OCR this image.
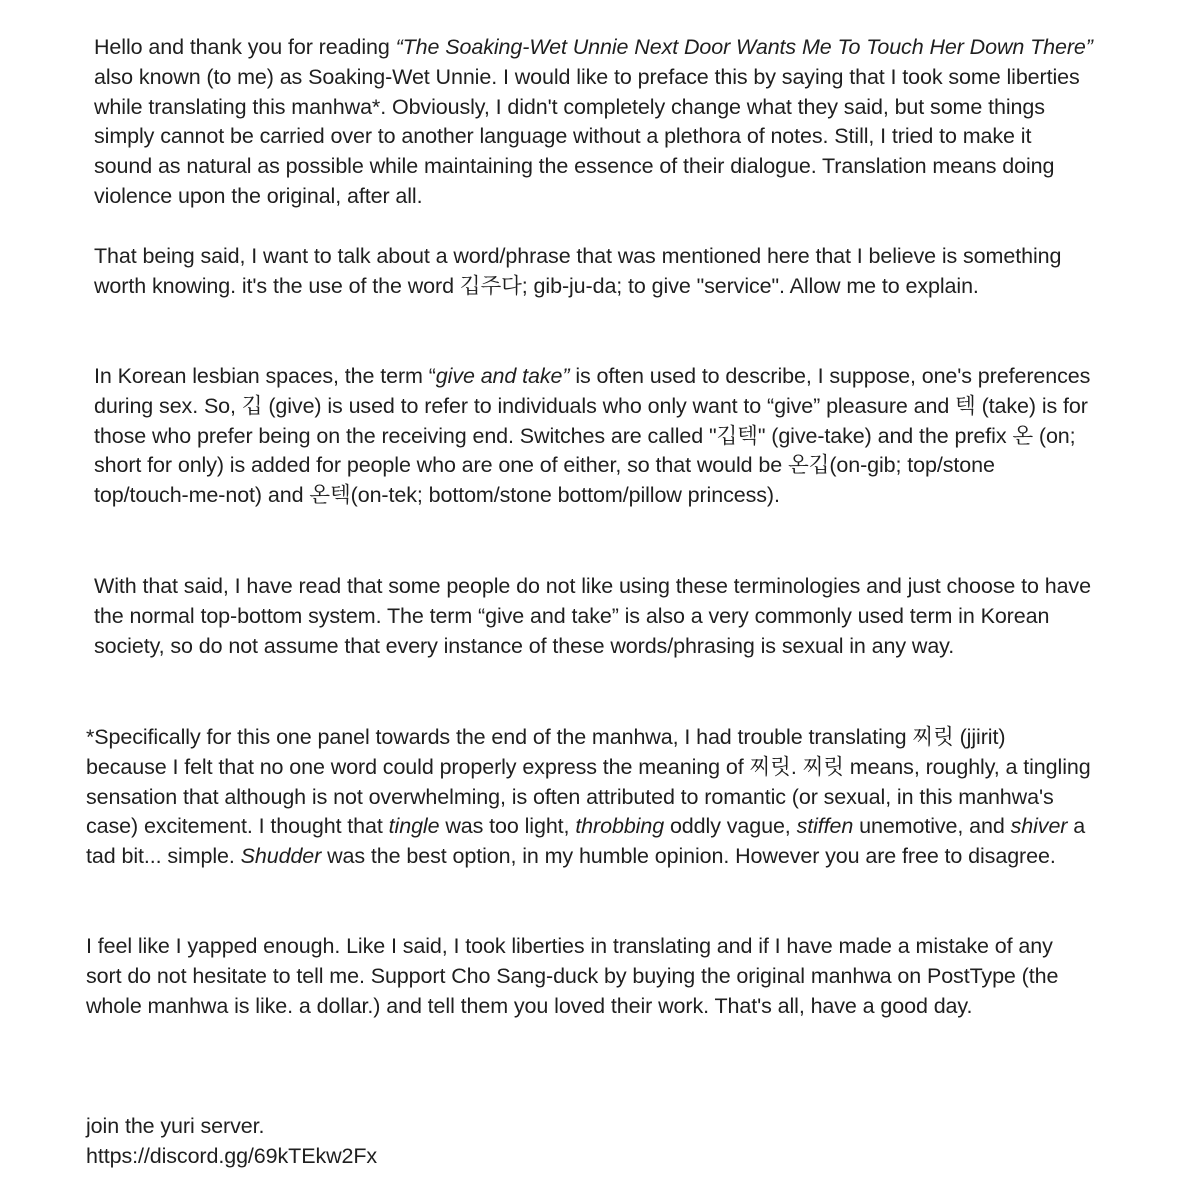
Hello and thank you for reading “The Soaking-Wet Unnie Next Door Wants Me To Touch Her Down There” also known (to me) as Soaking-Wet Unnie. I would like to preface this by saying that I took some liberties while translating this manhwa*. Obviously, I didn't completely change what they said, but some things simply cannot be carried over to another language without a plethora of notes. Still, I tried to make it sound as natural as possible while maintaining the essence of their dialogue. Translation means doing violence upon the original, after all.

That being said, I want to talk about a word/phrase that was mentioned here that I believe is something worth knowing. it's the use of the word 깁주다; gib-ju-da; to give "service". Allow me to explain.

In Korean lesbian spaces, the term “give and take” is often used to describe, I suppose, one's preferences during sex. So, 깁 (give) is used to refer to individuals who only want to “give” pleasure and 텍 (take) is for those who prefer being on the receiving end. Switches are called "깁텍" (give-take) and the prefix 온 (on; short for only) is added for people who are one of either, so that would be 온깁(on-gib; top/stone top/touch-me-not) and 온텍(on-tek; bottom/stone bottom/pillow princess).

With that said, I have read that some people do not like using these terminologies and just choose to have the normal top-bottom system. The term “give and take” is also a very commonly used term in Korean society, so do not assume that every instance of these words/phrasing is sexual in any way.

*Specifically for this one panel towards the end of the manhwa, I had trouble translating 찌릿 (jjirit) because I felt that no one word could properly express the meaning of 찌릿. 찌릿 means, roughly, a tingling sensation that although is not overwhelming, is often attributed to romantic (or sexual, in this manhwa's case) excitement. I thought that tingle was too light, throbbing oddly vague, stiffen unemotive, and shiver a tad bit... simple. Shudder was the best option, in my humble opinion. However you are free to disagree.

I feel like I yapped enough. Like I said, I took liberties in translating and if I have made a mistake of any sort do not hesitate to tell me. Support Cho Sang-duck by buying the original manhwa on PostType (the whole manhwa is like. a dollar.) and tell them you loved their work. That's all, have a good day.

join the yuri server.
https://discord.gg/69kTEkw2Fx
